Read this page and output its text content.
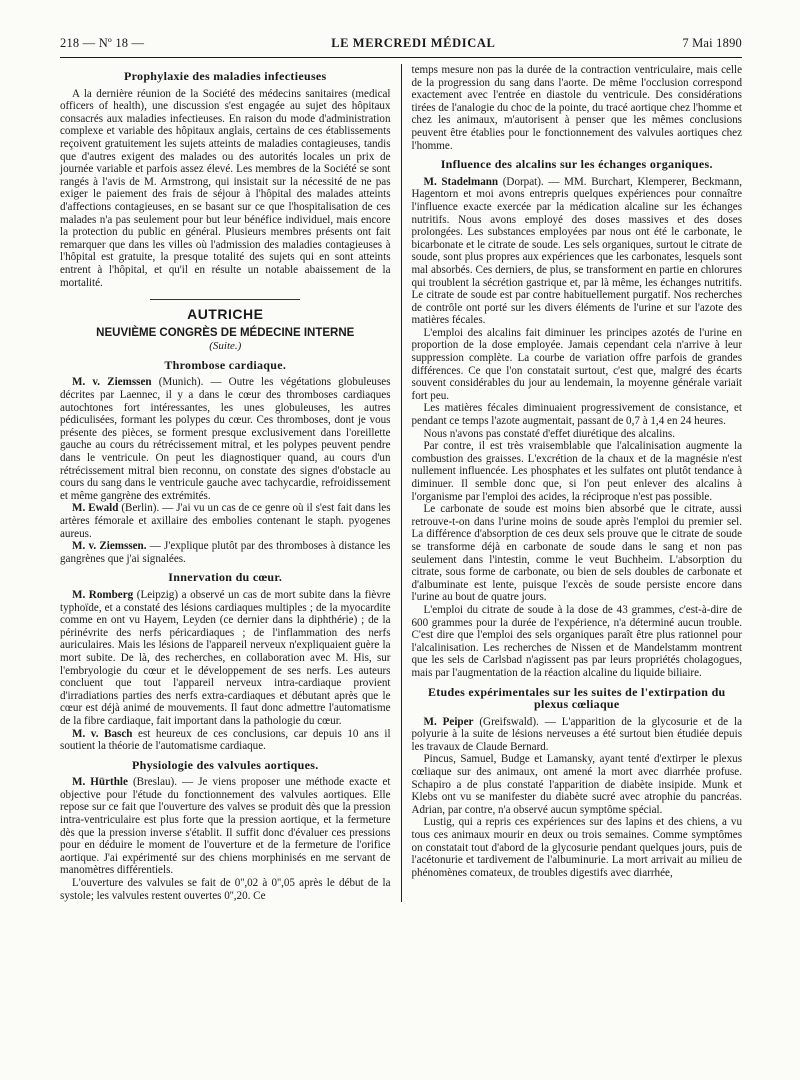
218 — Nº 18 —	LE MERCREDI MÉDICAL	7 Mai 1890
Prophylaxie des maladies infectieuses

A la dernière réunion de la Société des médecins sanitaires (medical officers of health), une discussion s'est engagée au sujet des hôpitaux consacrés aux maladies infectieuses. En raison du mode d'administration complexe et variable des hôpitaux anglais, certains de ces établissements reçoivent gratuitement les sujets atteints de maladies contagieuses, tandis que d'autres exigent des malades ou des autorités locales un prix de journée variable et parfois assez élevé. Les membres de la Société se sont rangés à l'avis de M. Armstrong, qui insistait sur la nécessité de ne pas exiger le paiement des frais de séjour à l'hôpital des malades atteints d'affections contagieuses, en se basant sur ce que l'hospitalisation de ces malades n'a pas seulement pour but leur bénéfice individuel, mais encore la protection du public en général. Plusieurs membres présents ont fait remarquer que dans les villes où l'admission des maladies contagieuses à l'hôpital est gratuite, la presque totalité des sujets qui en sont atteints entrent à l'hôpital, et qu'il en résulte un notable abaissement de la mortalité.

AUTRICHE
NEUVIÈME CONGRÈS DE MÉDECINE INTERNE
(Suite.)
Thrombose cardiaque.

M. v. Ziemssen (Munich). — Outre les végétations globuleuses décrites par Laennec, il y a dans le cœur des thromboses cardiaques autochtones fort intéressantes, les unes globuleuses, les autres pédiculisées, formant les polypes du cœur. Ces thromboses, dont je vous présente des pièces, se forment presque exclusivement dans l'oreillette gauche au cours du rétrécissement mitral, et les polypes peuvent pendre dans le ventricule. On peut les diagnostiquer quand, au cours d'un rétrécissement mitral bien reconnu, on constate des signes d'obstacle au cours du sang dans le ventricule gauche avec tachycardie, refroidissement et même gangrène des extrémités.

M. Ewald (Berlin). — J'ai vu un cas de ce genre où il s'est fait dans les artères fémorale et axillaire des embolies contenant le staph. pyogenes aureus.

M. v. Ziemssen. — J'explique plutôt par des thromboses à distance les gangrènes que j'ai signalées.

Innervation du cœur.

M. Romberg (Leipzig) a observé un cas de mort subite dans la fièvre typhoïde, et a constaté des lésions cardiaques multiples ; de la myocardite comme en ont vu Hayem, Leyden (ce dernier dans la diphthérie) ; de la périnévrite des nerfs péricardiaques ; de l'inflammation des nerfs auriculaires. Mais les lésions de l'appareil nerveux n'expliquaient guère la mort subite. De là, des recherches, en collaboration avec M. His, sur l'embryologie du cœur et le développement de ses nerfs. Les auteurs concluent que tout l'appareil nerveux intra-cardiaque provient d'irradiations parties des nerfs extra-cardiaques et débutant après que le cœur est déjà animé de mouvements. Il faut donc admettre l'automatisme de la fibre cardiaque, fait important dans la pathologie du cœur.

M. v. Basch est heureux de ces conclusions, car depuis 10 ans il soutient la théorie de l'automatisme cardiaque.

Physiologie des valvules aortiques.

M. Hürthle (Breslau). — Je viens proposer une méthode exacte et objective pour l'étude du fonctionnement des valvules aortiques. Elle repose sur ce fait que l'ouverture des valves se produit dès que la pression intra-ventriculaire est plus forte que la pression aortique, et la fermeture dès que la pression inverse s'établit. Il suffit donc d'évaluer ces pressions pour en déduire le moment de l'ouverture et de la fermeture de l'orifice aortique. J'ai expérimenté sur des chiens morphinisés en me servant de manomètres différentiels.

L'ouverture des valvules se fait de 0'',02 à 0'',05 après le début de la systole; les valvules restent ouvertes 0'',20. Ce

temps mesure non pas la durée de la contraction ventriculaire, mais celle de la progression du sang dans l'aorte. De même l'occlusion correspond exactement avec l'entrée en diastole du ventricule. Des considérations tirées de l'analogie du choc de la pointe, du tracé aortique chez l'homme et chez les animaux, m'autorisent à penser que les mêmes conclusions peuvent être établies pour le fonctionnement des valvules aortiques chez l'homme.

Influence des alcalins sur les échanges organiques.

M. Stadelmann (Dorpat). — MM. Burchart, Klemperer, Beckmann, Hagentorn et moi avons entrepris quelques expériences pour connaître l'influence exacte exercée par la médication alcaline sur les échanges nutritifs. Nous avons employé des doses massives et des doses prolongées. Les substances employées par nous ont été le carbonate, le bicarbonate et le citrate de soude. Les sels organiques, surtout le citrate de soude, sont plus propres aux expériences que les carbonates, lesquels sont mal absorbés. Ces derniers, de plus, se transforment en partie en chlorures qui troublent la sécrétion gastrique et, par là même, les échanges nutritifs. Le citrate de soude est par contre habituellement purgatif. Nos recherches de contrôle ont porté sur les divers éléments de l'urine et sur l'azote des matières fécales.

L'emploi des alcalins fait diminuer les principes azotés de l'urine en proportion de la dose employée. Jamais cependant cela n'arrive à leur suppression complète. La courbe de variation offre parfois de grandes différences. Ce que l'on constatait surtout, c'est que, malgré des écarts souvent considérables du jour au lendemain, la moyenne générale variait fort peu.

Les matières fécales diminuaient progressivement de consistance, et pendant ce temps l'azote augmentait, passant de 0,7 à 1,4 en 24 heures.

Nous n'avons pas constaté d'effet diurétique des alcalins.

Par contre, il est très vraisemblable que l'alcalinisation augmente la combustion des graisses. L'excrétion de la chaux et de la magnésie n'est nullement influencée. Les phosphates et les sulfates ont plutôt tendance à diminuer. Il semble donc que, si l'on peut enlever des alcalins à l'organisme par l'emploi des acides, la réciproque n'est pas possible.

Le carbonate de soude est moins bien absorbé que le citrate, aussi retrouve-t-on dans l'urine moins de soude après l'emploi du premier sel. La différence d'absorption de ces deux sels prouve que le citrate de soude se transforme déjà en carbonate de soude dans le sang et non pas seulement dans l'intestin, comme le veut Buchheim. L'absorption du citrate, sous forme de carbonate, ou bien de sels doubles de carbonate et d'albuminate est lente, puisque l'excès de soude persiste encore dans l'urine au bout de quatre jours.

L'emploi du citrate de soude à la dose de 43 grammes, c'est-à-dire de 600 grammes pour la durée de l'expérience, n'a déterminé aucun trouble. C'est dire que l'emploi des sels organiques paraît être plus rationnel pour l'alcalinisation. Les recherches de Nissen et de Mandelstamm montrent que les sels de Carlsbad n'agissent pas par leurs propriétés cholagogues, mais par l'augmentation de la réaction alcaline du liquide biliaire.

Etudes expérimentales sur les suites de l'extirpation du plexus cœliaque

M. Peiper (Greifswald). — L'apparition de la glycosurie et de la polyurie à la suite de lésions nerveuses a été surtout bien étudiée depuis les travaux de Claude Bernard.

Pincus, Samuel, Budge et Lamansky, ayant tenté d'extirper le plexus cœliaque sur des animaux, ont amené la mort avec diarrhée profuse. Schapiro a de plus constaté l'apparition de diabète insipide. Munk et Klebs ont vu se manifester du diabète sucré avec atrophie du pancréas. Adrian, par contre, n'a observé aucun symptôme spécial.

Lustig, qui a repris ces expériences sur des lapins et des chiens, a vu tous ces animaux mourir en deux ou trois semaines. Comme symptômes on constatait tout d'abord de la glycosurie pendant quelques jours, puis de l'acétonurie et tardivement de l'albuminurie. La mort arrivait au milieu de phénomènes comateux, de troubles digestifs avec diarrhée,
